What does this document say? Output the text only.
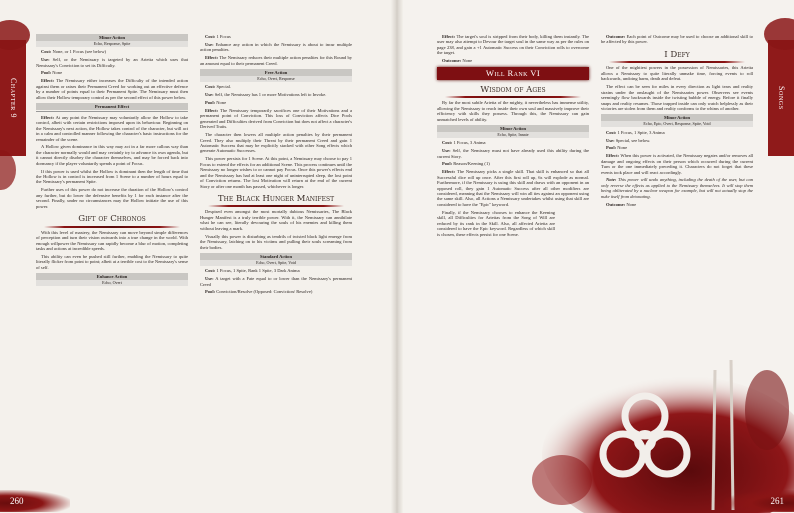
Chapter 9
Minor Action
Echo, Response, Spite

Cost: None, or 1 Focus (see below)

Use: Self, or the Nemissary is targeted by an Arietta which uses that Nemissary's Conviction to set its Difficulty.

Pool: None

Effect: The Nemissary either increases the Difficulty of the intended action against them or raises their Permanent Creed for working out an effective defence by a number of points equal to their Permanent Spite. The Nemissary must then allow their Hollow temporary control as per the second effect of this power below.

Permanent Effect

Effect: At any point the Nemissary may voluntarily allow the Hollow to take control, albeit with certain restrictions imposed upon its behaviour. Beginning on the Nemissary's next action, the Hollow takes control of the character, but will act in a calm and controlled manner following the character's basic instructions for the remainder of the scene.

A Hollow given dominance in this way may act in a far more callous way than the character normally would and may certainly try to advance its own agenda, but it cannot directly disobey the character themselves, and may be forced back into dormancy if the player voluntarily spends a point of Focus.

If this power is used whilst the Hollow is dominant then the length of time that the Hollow is in control is increased from 1 Scene to a number of hours equal to the Nemissary's permanent Spite.

Further uses of this power do not increase the duration of the Hollow's control any further, but do lower the defensive benefits by 1 for each instance after the second. Finally, under no circumstances may the Hollow initiate the use of this power.

Gift of Chronos

With this level of mastery, the Nemissary can move beyond simple differences of perception and turn their vision outwards into a true change in the world. With enough willpower the Nemissary can rapidly become a blur of motion, completing tasks and actions at incredible speeds.

This ability can even be pushed still further, enabling the Nemissary to quite literally flicker from point to point; albeit at a terrible cost to the Nemissary's sense of self.

Enhance Action
Echo, Overt

Cost: 1 Focus

Use: Enhance any action in which the Nemissary is about to incur multiple action penalties.

Effect: The Nemissary reduces their multiple action penalties for this Round by an amount equal to their permanent Creed.

Free Action
Echo, Overt, Response

Cost: Special.

Use: Self, the Nemissary has 1 or more Motivations left to Invoke.

Pool: None

Effect: The Nemissary temporarily sacrifices one of their Motivations and a permanent point of Conviction. This loss of Conviction affects Dice Pools generated and Difficulties derived from Conviction but does not affect a character's Derived Traits.

The character then lowers all multiple action penalties by their permanent Creed. They also multiply their Threat by their permanent Creed and gain 1 Automatic Success that may be explicitly stacked with other Song effects which generate Automatic Successes.

This power persists for 1 Scene. At this point, a Nemissary may choose to pay 1 Focus to extend the effects for an additional Scene. This process continues until the Nemissary no longer wishes to or cannot pay Focus. Once this power's effects end and the Nemissary has had at least one night of uninterrupted sleep, the lost point of Conviction returns. The lost Motivation will return at the end of the current Story or after one month has passed, whichever is longer.

The Black Hunger Manifest

Despised even amongst the most mortally dubious Nemissaries, The Black Hunger Manifest is a truly terrible power. With it, the Nemissary can annihilate what he can see, literally devouring the souls of his enemies and killing them without leaving a mark.

Visually this power is disturbing as tendrils of twisted black light emerge from the Nemissary, latching on to his victims and pulling their souls screaming from their bodies.

Standard Action
Echo, Overt, Spite, Void

Cost: 1 Focus, 1 Spite, Rank 1 Spite, 3 Dark Anima

Use: A target with a Fate equal to or lower than the Nemissary's permanent Creed

Pool: Conviction/Resolve (Opposed: Conviction/ Resolve)

260
Songs

Effect: The target's soul is stripped from their body, killing them instantly. The user may also attempt to Devour the target soul in the same way as per the rules on page 238, and gain a +1 Automatic Success on their Conviction rolls to overcome the target.

Outcome: None

Will Rank VI
Wisdom of Ages

By far the most subtle Arietta of the mighty, it nevertheless has immense utility, allowing the Nemissary to reach inside their own soul and massively improve their efficiency with skills they possess. Through this, the Nemissary can gain unmatched levels of ability.

Minor Action
Echo, Spite, Innate

Cost: 1 Focus, 3 Anima

Use: Self, the Nemissary must not have already used this ability during the current Story.

Pool: Reason/Keening (1)

Effect: The Nemissary picks a single skill. That skill is enhanced so that all Successful dice roll up once. After this first roll up, 6s will explode as normal. Furthermore, if the Nemissary is using this skill and draws with an opponent in an opposed roll, they gain 1 Automatic Success after all other modifiers are considered, meaning that the Nemissary will win all ties against an opponent using the same skill. Also, all Actions a Nemissary undertakes whilst using that skill are considered to have the "Epic" keyword.

Finally, if the Nemissary chooses to enhance the Keening skill, all Difficulties for Ariettas from the Song of Will are reduced by its rank in the Skill. Also, all affected Arietta are considered to have the Epic keyword. Regardless of which skill is chosen, these effects persist for one Scene.

Outcome: Each point of Outcome may be used to choose an additional skill to be affected by this power.

I Defy

One of the mightiest powers in the possession of Nemissaries, this Arietta allows a Nemissary to quite literally unmake time, forcing events to roll backwards, undoing harm, death and defeat.

The effect can be seen for miles in every direction as light tears and reality strains under the onslaught of the Nemissaries power. Observers see events seemingly flow backwards inside the twisting bubble of energy. Before it finally snaps and reality resumes. Those trapped inside can only watch helplessly as their victories are stolen from them and reality conforms to the whims of another.

Minor Action
Echo, Epic, Overt, Response, Spite, Void

Cost: 1 Focus, 1 Spite, 3 Anima

Use: Special, see below.

Pool: None

Effect: When this power is activated, the Nemissary negates and/or removes all damage and ongoing effects on their person which occurred during the current Turn or the one immediately preceding it. Characters do not forget that these events took place and will react accordingly.

Note: This power will undo anything, including the death of the user, but can only reverse the effects as applied to the Nemissary themselves. It will stop them being obliterated by a nuclear weapon for example, but will not actually stop the nuke itself from detonating.

Outcome: None

261
